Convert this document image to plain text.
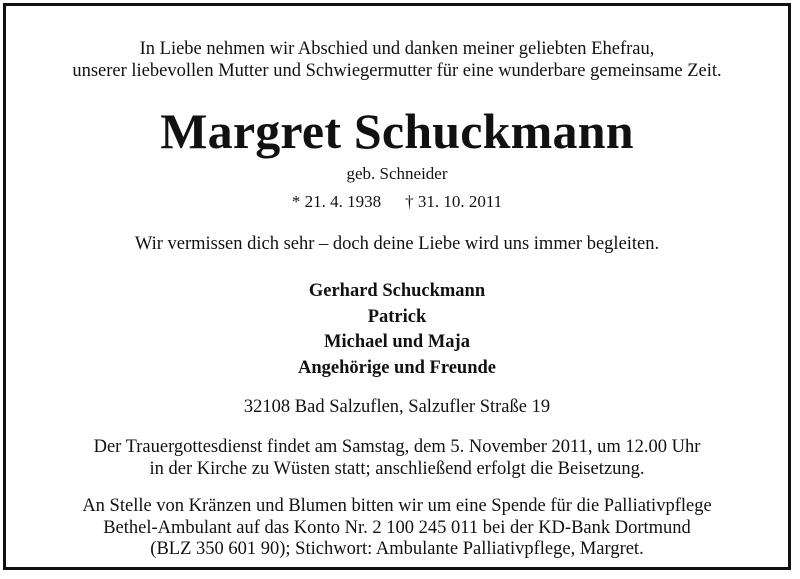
In Liebe nehmen wir Abschied und danken meiner geliebten Ehefrau,
unserer liebevollen Mutter und Schwiegermutter für eine wunderbare gemeinsame Zeit.
Margret Schuckmann
geb. Schneider
* 21. 4. 1938 † 31. 10. 2011
Wir vermissen dich sehr – doch deine Liebe wird uns immer begleiten.
Gerhard Schuckmann
Patrick
Michael und Maja
Angehörige und Freunde
32108 Bad Salzuflen, Salzufler Straße 19
Der Trauergottesdienst findet am Samstag, dem 5. November 2011, um 12.00 Uhr
in der Kirche zu Wüsten statt; anschließend erfolgt die Beisetzung.
An Stelle von Kränzen und Blumen bitten wir um eine Spende für die Palliativpflege
Bethel-Ambulant auf das Konto Nr. 2 100 245 011 bei der KD-Bank Dortmund
(BLZ 350 601 90); Stichwort: Ambulante Palliativpflege, Margret.
